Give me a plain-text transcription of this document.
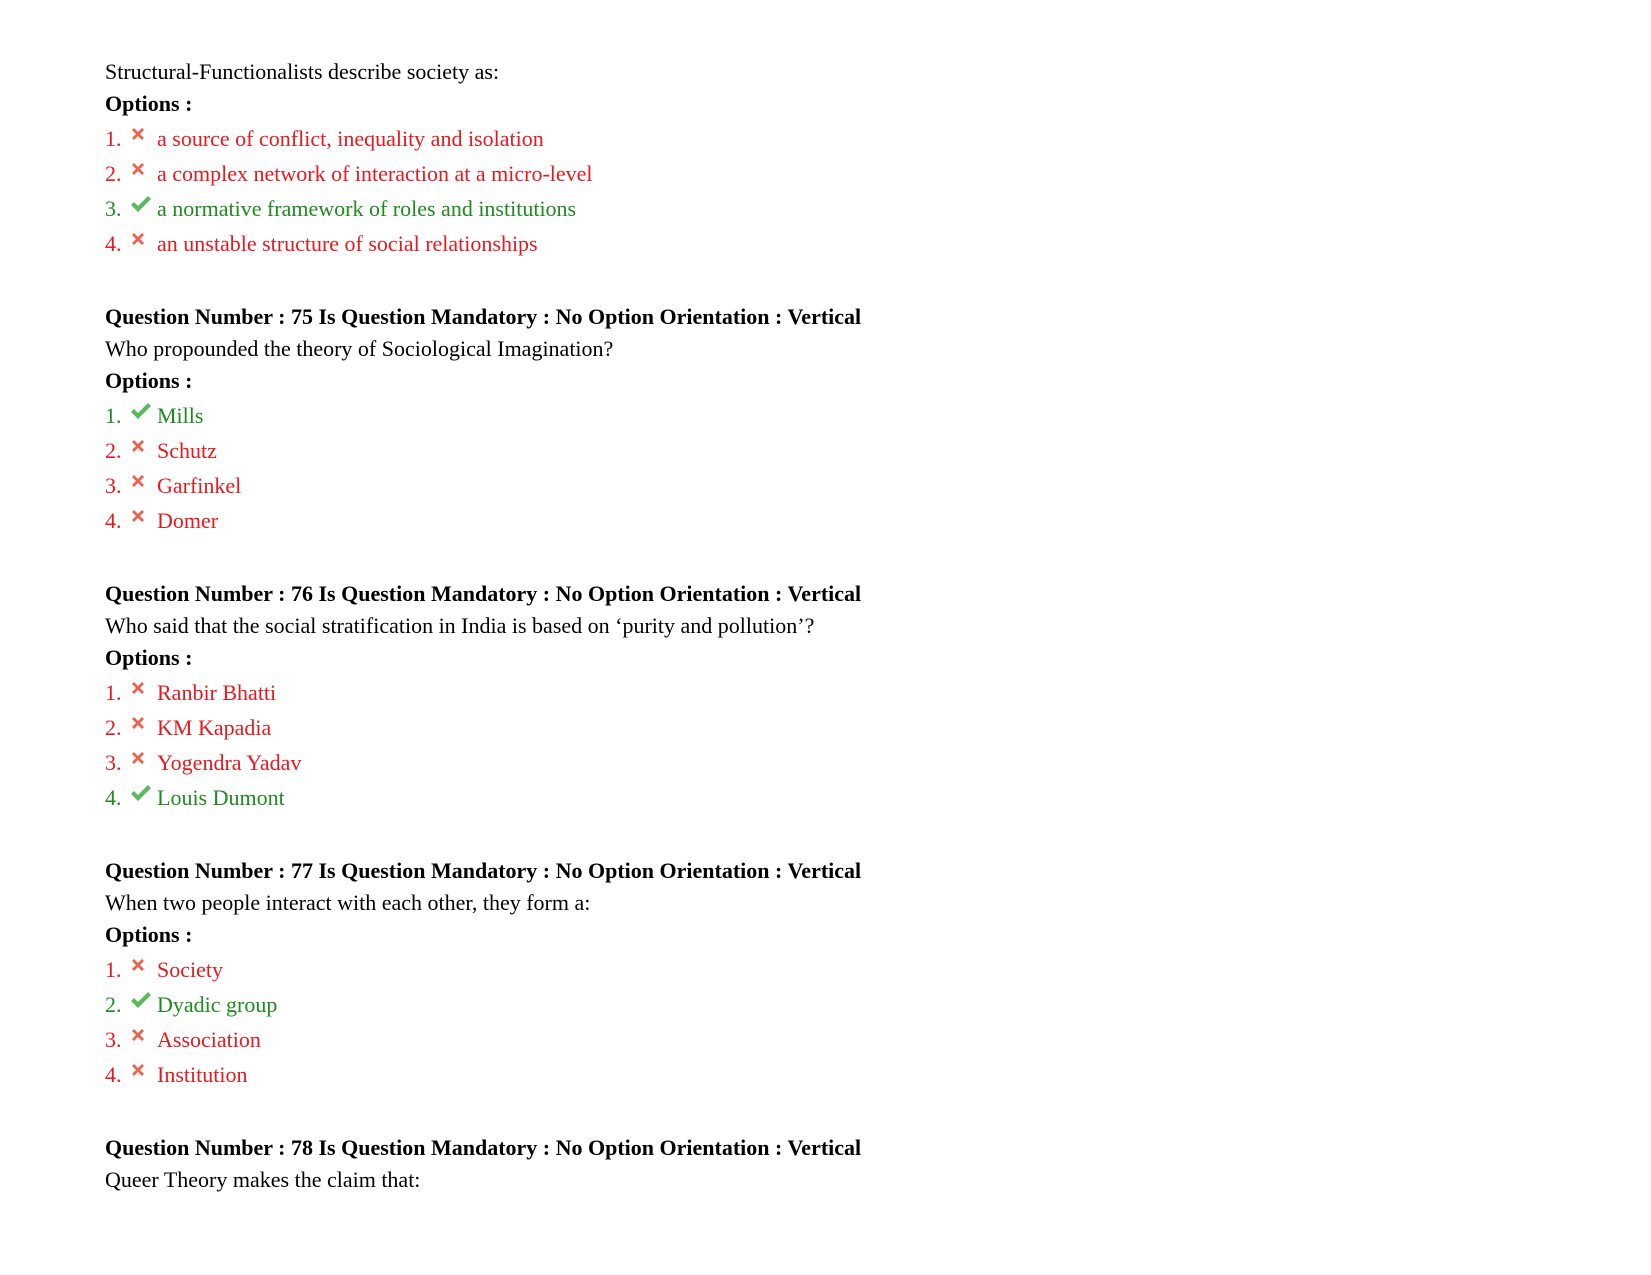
Structural-Functionalists describe society as:
Options :
1.	a source of conflict, inequality and isolation
2.	a complex network of interaction at a micro-level
3.	a normative framework of roles and institutions
4.	an unstable structure of social relationships
Question Number : 75 Is Question Mandatory : No Option Orientation : Vertical
Who propounded the theory of Sociological Imagination?
Options :
1.	Mills
2.	Schutz
3.	Garfinkel
4.	Domer
Question Number : 76 Is Question Mandatory : No Option Orientation : Vertical
Who said that the social stratification in India is based on ‘purity and pollution’?
Options :
1.	Ranbir Bhatti
2.	KM Kapadia
3.	Yogendra Yadav
4.	Louis Dumont
Question Number : 77 Is Question Mandatory : No Option Orientation : Vertical
When two people interact with each other, they form a:
Options :
1.	Society
2.	Dyadic group
3.	Association
4.	Institution
Question Number : 78 Is Question Mandatory : No Option Orientation : Vertical
Queer Theory makes the claim that:
